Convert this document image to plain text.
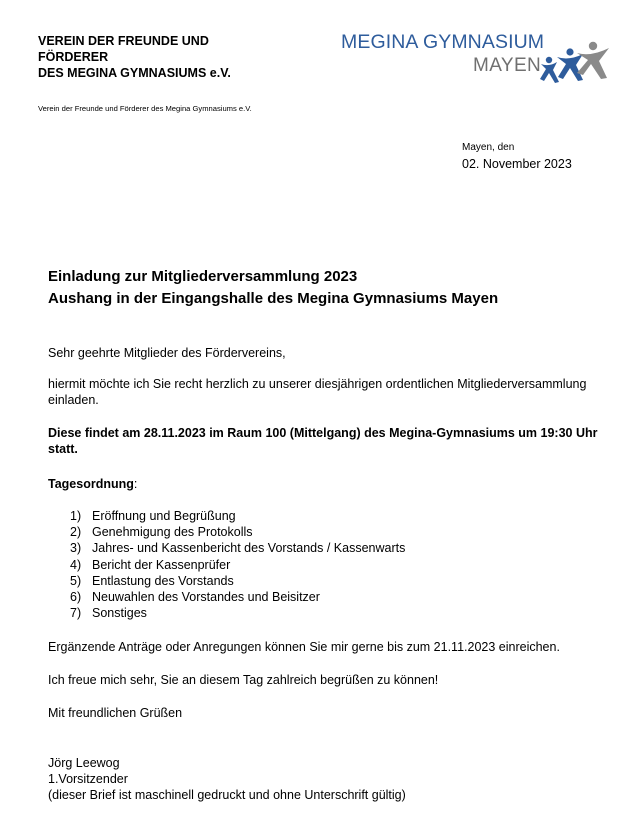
VEREIN DER FREUNDE UND
FÖRDERER
DES MEGINA GYMNASIUMS e.V.
Verein der Freunde und Förderer des Megina Gymnasiums e.V.
MEGINA GYMNASIUM
MAYEN
Mayen, den
02. November 2023
Einladung zur Mitgliederversammlung 2023
Aushang in der Eingangshalle des Megina Gymnasiums Mayen
Sehr geehrte Mitglieder des Fördervereins,
hiermit möchte ich Sie recht herzlich zu unserer diesjährigen ordentlichen Mitgliederversammlung einladen.
Diese findet am 28.11.2023 im Raum 100 (Mittelgang) des Megina-Gymnasiums um 19:30 Uhr statt.
Tagesordnung:
1) Eröffnung und Begrüßung
2) Genehmigung des Protokolls
3) Jahres- und Kassenbericht des Vorstands / Kassenwarts
4) Bericht der Kassenprüfer
5) Entlastung des Vorstands
6) Neuwahlen des Vorstandes und Beisitzer
7) Sonstiges
Ergänzende Anträge oder Anregungen können Sie mir gerne bis zum 21.11.2023 einreichen.
Ich freue mich sehr, Sie an diesem Tag zahlreich begrüßen zu können!
Mit freundlichen Grüßen
Jörg Leewog
1.Vorsitzender
(dieser Brief ist maschinell gedruckt und ohne Unterschrift gültig)
